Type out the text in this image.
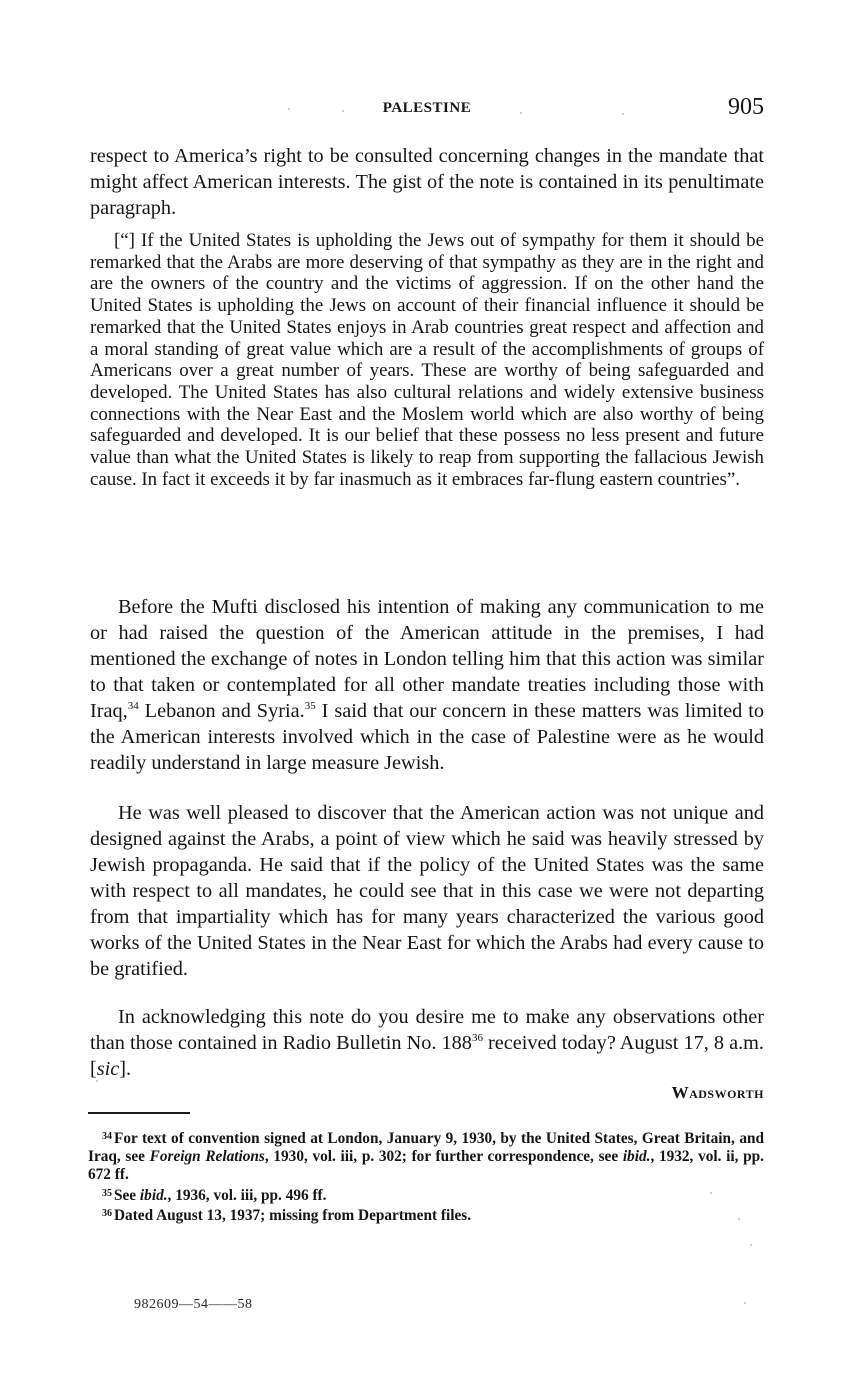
PALESTINE	905

respect to America’s right to be consulted concerning changes in the mandate that might affect American interests. The gist of the note is contained in its penultimate paragraph.

[“] If the United States is upholding the Jews out of sympathy for them it should be remarked that the Arabs are more deserving of that sympathy as they are in the right and are the owners of the country and the victims of aggression. If on the other hand the United States is upholding the Jews on account of their financial influence it should be remarked that the United States enjoys in Arab countries great respect and affection and a moral standing of great value which are a result of the accomplishments of groups of Americans over a great number of years. These are worthy of being safeguarded and developed. The United States has also cultural relations and widely extensive business connections with the Near East and the Moslem world which are also worthy of being safeguarded and developed. It is our belief that these possess no less present and future value than what the United States is likely to reap from supporting the fallacious Jewish cause. In fact it exceeds it by far inasmuch as it embraces far-flung eastern countries”.

Before the Mufti disclosed his intention of making any communication to me or had raised the question of the American attitude in the premises, I had mentioned the exchange of notes in London telling him that this action was similar to that taken or contemplated for all other mandate treaties including those with Iraq,$^{34}$ Lebanon and Syria.$^{35}$ I said that our concern in these matters was limited to the American interests involved which in the case of Palestine were as he would readily understand in large measure Jewish.

He was well pleased to discover that the American action was not unique and designed against the Arabs, a point of view which he said was heavily stressed by Jewish propaganda. He said that if the policy of the United States was the same with respect to all mandates, he could see that in this case we were not departing from that impartiality which has for many years characterized the various good works of the United States in the Near East for which the Arabs had every cause to be gratified.

In acknowledging this note do you desire me to make any observations other than those contained in Radio Bulletin No. 188$^{36}$ received today? August 17, 8 a.m. [sic].

Wadsworth

$^{34}$ For text of convention signed at London, January 9, 1930, by the United States, Great Britain, and Iraq, see Foreign Relations, 1930, vol. iii, p. 302; for further correspondence, see ibid., 1932, vol. ii, pp. 672 ff.

$^{35}$ See ibid., 1936, vol. iii, pp. 496 ff.

$^{36}$ Dated August 13, 1937; missing from Department files.

982609—54——58
